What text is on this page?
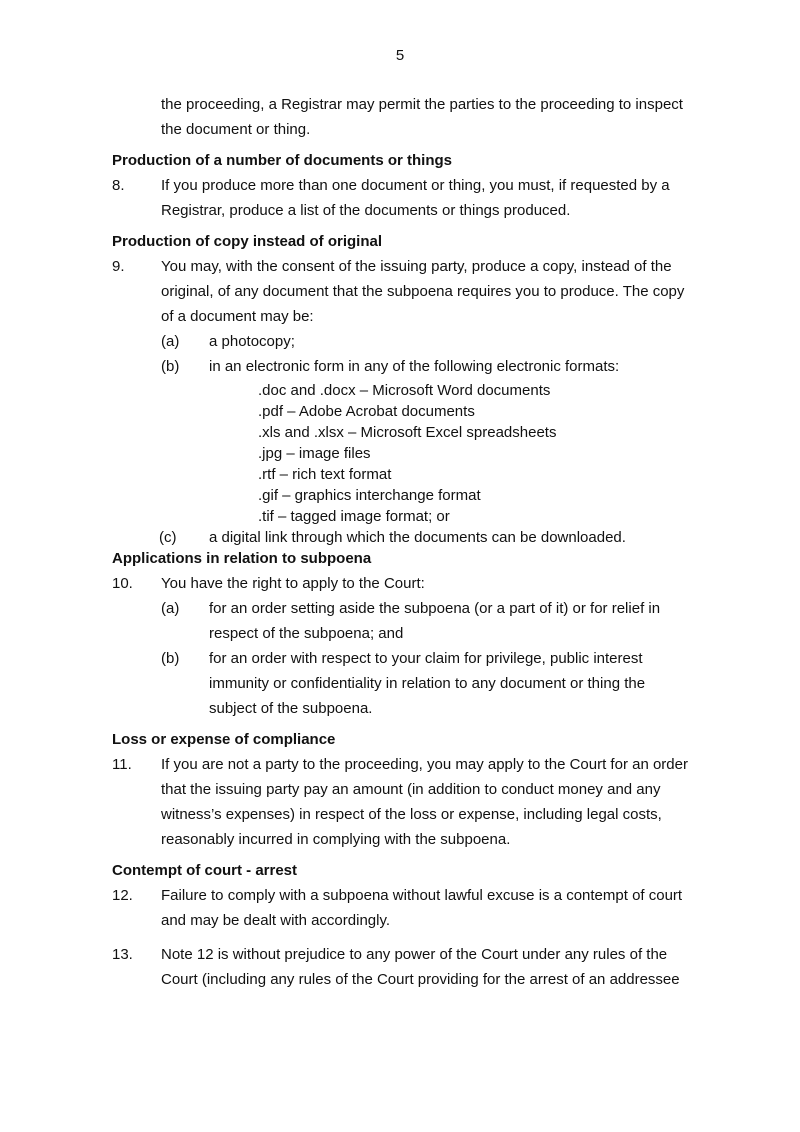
5
the proceeding, a Registrar may permit the parties to the proceeding to inspect the document or thing.
Production of a number of documents or things
8.	If you produce more than one document or thing, you must, if requested by a Registrar, produce a list of the documents or things produced.
Production of copy instead of original
9.	You may, with the consent of the issuing party, produce a copy, instead of the original, of any document that the subpoena requires you to produce. The copy of a document may be:
(a)	a photocopy;
(b)	in an electronic form in any of the following electronic formats:
.doc and .docx – Microsoft Word documents
.pdf – Adobe Acrobat documents
.xls and .xlsx – Microsoft Excel spreadsheets
.jpg – image files
.rtf – rich text format
.gif – graphics interchange format
.tif – tagged image format; or
(c)	a digital link through which the documents can be downloaded.
Applications in relation to subpoena
10.	You have the right to apply to the Court:
(a)	for an order setting aside the subpoena (or a part of it) or for relief in respect of the subpoena; and
(b)	for an order with respect to your claim for privilege, public interest immunity or confidentiality in relation to any document or thing the subject of the subpoena.
Loss or expense of compliance
11.	If you are not a party to the proceeding, you may apply to the Court for an order that the issuing party pay an amount (in addition to conduct money and any witness’s expenses) in respect of the loss or expense, including legal costs, reasonably incurred in complying with the subpoena.
Contempt of court - arrest
12.	Failure to comply with a subpoena without lawful excuse is a contempt of court and may be dealt with accordingly.
13.	Note 12 is without prejudice to any power of the Court under any rules of the Court (including any rules of the Court providing for the arrest of an addressee
